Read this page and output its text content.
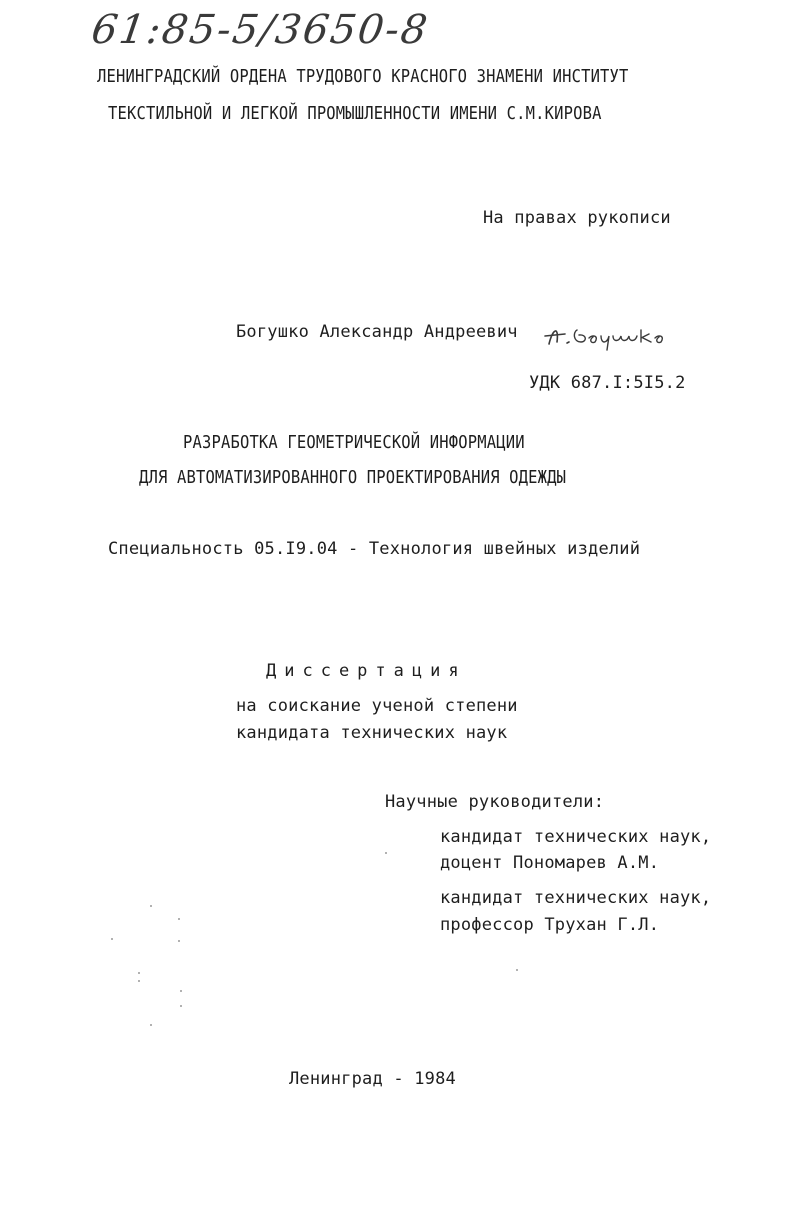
61:85-5/3650-8
ЛЕНИНГРАДСКИЙ ОРДЕНА ТРУДОВОГО КРАСНОГО ЗНАМЕНИ ИНСТИТУТ
ТЕКСТИЛЬНОЙ И ЛЕГКОЙ ПРОМЫШЛЕННОСТИ ИМЕНИ С.М.КИРОВА
На правах рукописи
Богушко Александр Андреевич
УДК 687.I:5I5.2
РАЗРАБОТКА ГЕОМЕТРИЧЕСКОЙ ИНФОРМАЦИИ
ДЛЯ АВТОМАТИЗИРОВАННОГО ПРОЕКТИРОВАНИЯ ОДЕЖДЫ
Специальность 05.I9.04 - Технология швейных изделий
Диссертация
на соискание ученой степени
кандидата технических наук
Научные руководители:
кандидат технических наук,
доцент Пономарев А.М.
кандидат технических наук,
профессор Трухан Г.Л.
Ленинград - 1984
